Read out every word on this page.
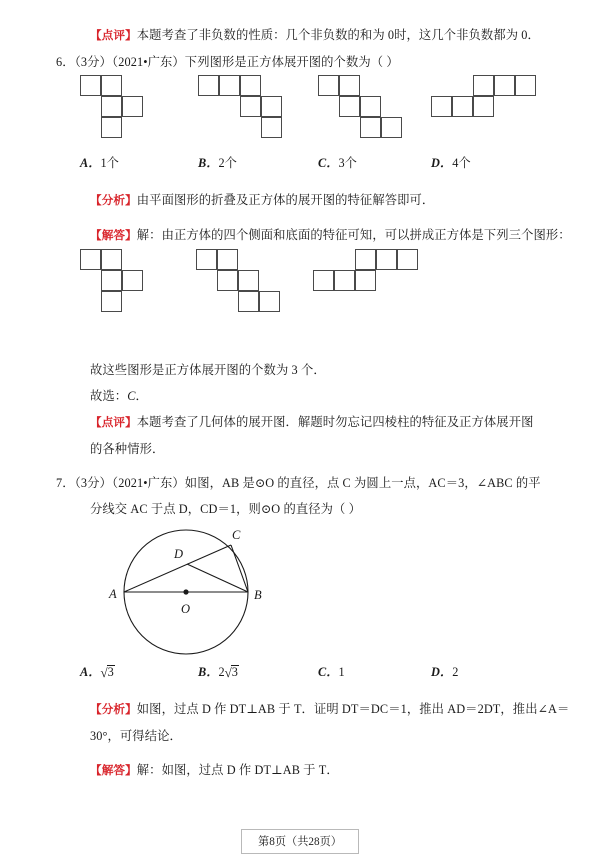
【点评】本题考查了非负数的性质：几个非负数的和为 0时，这几个非负数都为 0．
6．（3分）（2021•广东）下列图形是正方体展开图的个数为（ ）
A．1个	B．2个	C．3个	D．4个
【分析】由平面图形的折叠及正方体的展开图的特征解答即可．
【解答】解：由正方体的四个侧面和底面的特征可知，可以拼成正方体是下列三个图形：
故这些图形是正方体展开图的个数为 3 个．
故选：C．
【点评】本题考查了几何体的展开图．解题时勿忘记四棱柱的特征及正方体展开图的各种情形．
7．（3分）（2021•广东）如图，AB 是⊙O 的直径，点 C 为圆上一点，AC＝3，∠ABC 的平
分线交 AC 于点 D，CD＝1，则⊙O 的直径为（ ）
A	B
C
D
O
A．√3	B．2√3	C．1	D．2
【分析】如图，过点 D 作 DT⊥AB 于 T．证明 DT＝DC＝1，推出 AD＝2DT，推出∠A＝
30°，可得结论．
【解答】解：如图，过点 D 作 DT⊥AB 于 T．
第8页（共28页）
